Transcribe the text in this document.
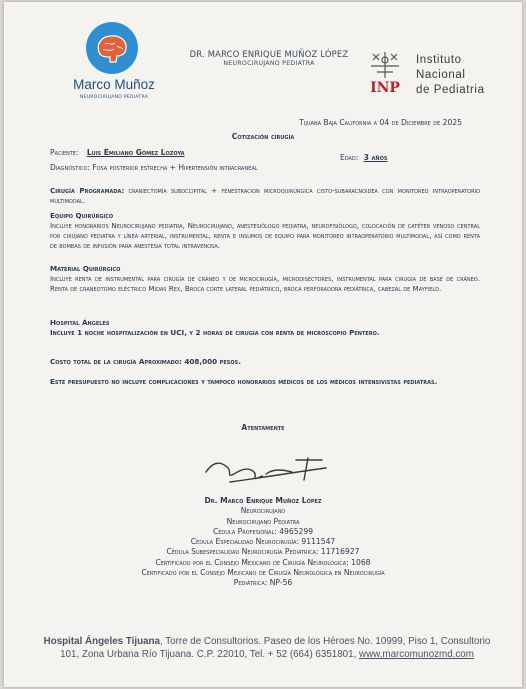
Marco Muñoz
NEUROCIRUJANO PEDIATRA
DR. MARCO ENRIQUE MUÑOZ LÓPEZ
NEUROCIRUJANO PEDIATRA
INP
Instituto
Nacional
de Pediatria
Tijuana Baja California a 04 de Diciembre de 2025
Cotización cirugía
Paciente: Luis Emiliano Gómez Lozoya
Edad: 3 años
Diagnóstico: Fosa posterior estrecha + Hipertensión intracraneal
Cirugía Programada: craniectomía suboccipital + fenestracion microquirúrgica cisto-subaracnoidea con monitoreo intraoperatorio multimodal.
Equipo Quirúrgico
Incluye honorarios Neurocirujano pediatra, Neurocirujano, anestesiólogo pediatra, neurofisiólogo, colocación de catéter venoso central por cirujano pediatra y línea arterial, instrumental, renta e insumos de equipo para monitoreo intraoperatorio multimodal, así como renta de bombas de infusión para anestesia total intravenosa.
Material Quirúrgico
Incluye renta de instrumental para cirugía de cráneo y de microcirugía, microdisectores, instrumental para cirugía de base de cráneo. Renta de craneotomo eléctrico Midas Rex, Broca corte lateral pediátrico, broca perforadora pediátrica, cabezal de Mayfield.
Hospital Ángeles
Incluye 1 noche hospitalización en UCI, y 2 horas de cirugía con renta de microscopio Pentero.
Costo total de la cirugía Aproximado: 408,000 pesos.
Este presupuesto no incluye complicaciones y tampoco honorarios médicos de los médicos intensivistas pediatras.
Atentamente
Dr. Marco Enrique Muñoz López
Neurocirujano
Neurocirujano Pediatra
Cédula Profesional: 4965299
Cédula Especialidad Neurocirugía: 9111547
Cédula Subespecialidad Neurocirugía Pediátrica: 11716927
Certificado por el Consejo Mexicano de Cirugía Neurológica: 1068
Certificado por el Consejo Mexicano de Cirugía Neurológica en Neurocirugía
Pediátrica: NP-56
Hospital Ángeles Tijuana, Torre de Consultorios. Paseo de los Héroes No. 10999, Piso 1, Consultorio
101, Zona Urbana Río Tijuana. C.P. 22010, Tel. + 52 (664) 6351801, www.marcomunozmd.com
